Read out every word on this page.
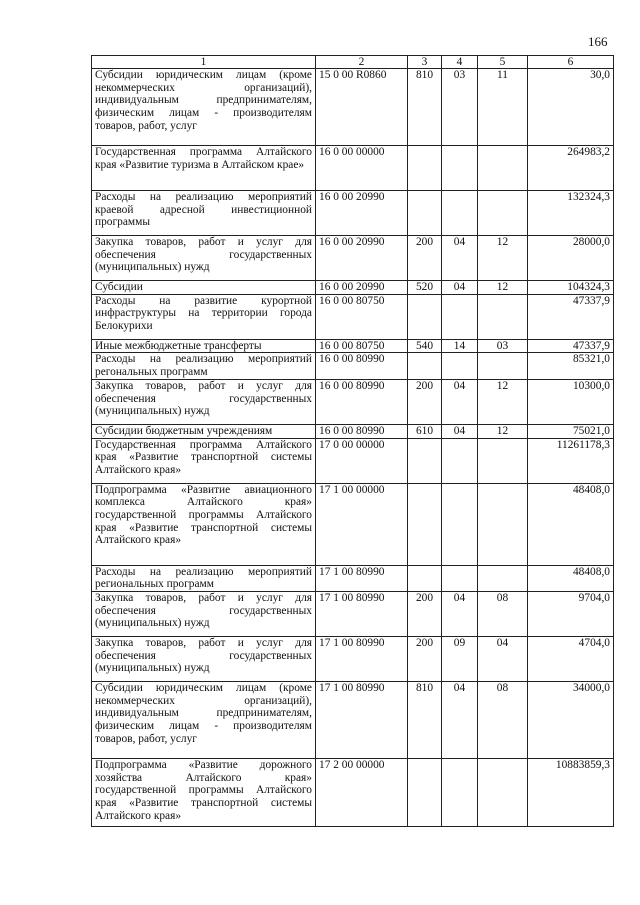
166
1	2	3	4	5	6
Субсидии юридическим лицам (кроме некоммерческих организаций), индивидуальным предпринимателям, физическим лицам - производителям товаров, работ, услуг	15 0 00 R0860	810	03	11	30,0
Государственная программа Алтайского края «Развитие туризма в Алтайском крае»	16 0 00 00000				264983,2
Расходы на реализацию мероприятий краевой адресной инвестиционной программы	16 0 00 20990				132324,3
Закупка товаров, работ и услуг для обеспечения государственных (муниципальных) нужд	16 0 00 20990	200	04	12	28000,0
Субсидии	16 0 00 20990	520	04	12	104324,3
Расходы на развитие курортной инфраструктуры на территории города Белокурихи	16 0 00 80750				47337,9
Иные межбюджетные трансферты	16 0 00 80750	540	14	03	47337,9
Расходы на реализацию мероприятий регональных программ	16 0 00 80990				85321,0
Закупка товаров, работ и услуг для обеспечения государственных (муниципальных) нужд	16 0 00 80990	200	04	12	10300,0
Субсидии бюджетным учреждениям	16 0 00 80990	610	04	12	75021,0
Государственная программа Алтайского края «Развитие транспортной системы Алтайского края»	17 0 00 00000				11261178,3
Подпрограмма «Развитие авиационного комплекса Алтайского края» государственной программы Алтайского края «Развитие транспортной системы Алтайского края»	17 1 00 00000				48408,0
Расходы на реализацию мероприятий региональных программ	17 1 00 80990				48408,0
Закупка товаров, работ и услуг для обеспечения государственных (муниципальных) нужд	17 1 00 80990	200	04	08	9704,0
Закупка товаров, работ и услуг для обеспечения государственных (муниципальных) нужд	17 1 00 80990	200	09	04	4704,0
Субсидии юридическим лицам (кроме некоммерческих организаций), индивидуальным предпринимателям, физическим лицам - производителям товаров, работ, услуг	17 1 00 80990	810	04	08	34000,0
Подпрограмма «Развитие дорожного хозяйства Алтайского края» государственной программы Алтайского края «Развитие транспортной системы Алтайского края»	17 2 00 00000				10883859,3
